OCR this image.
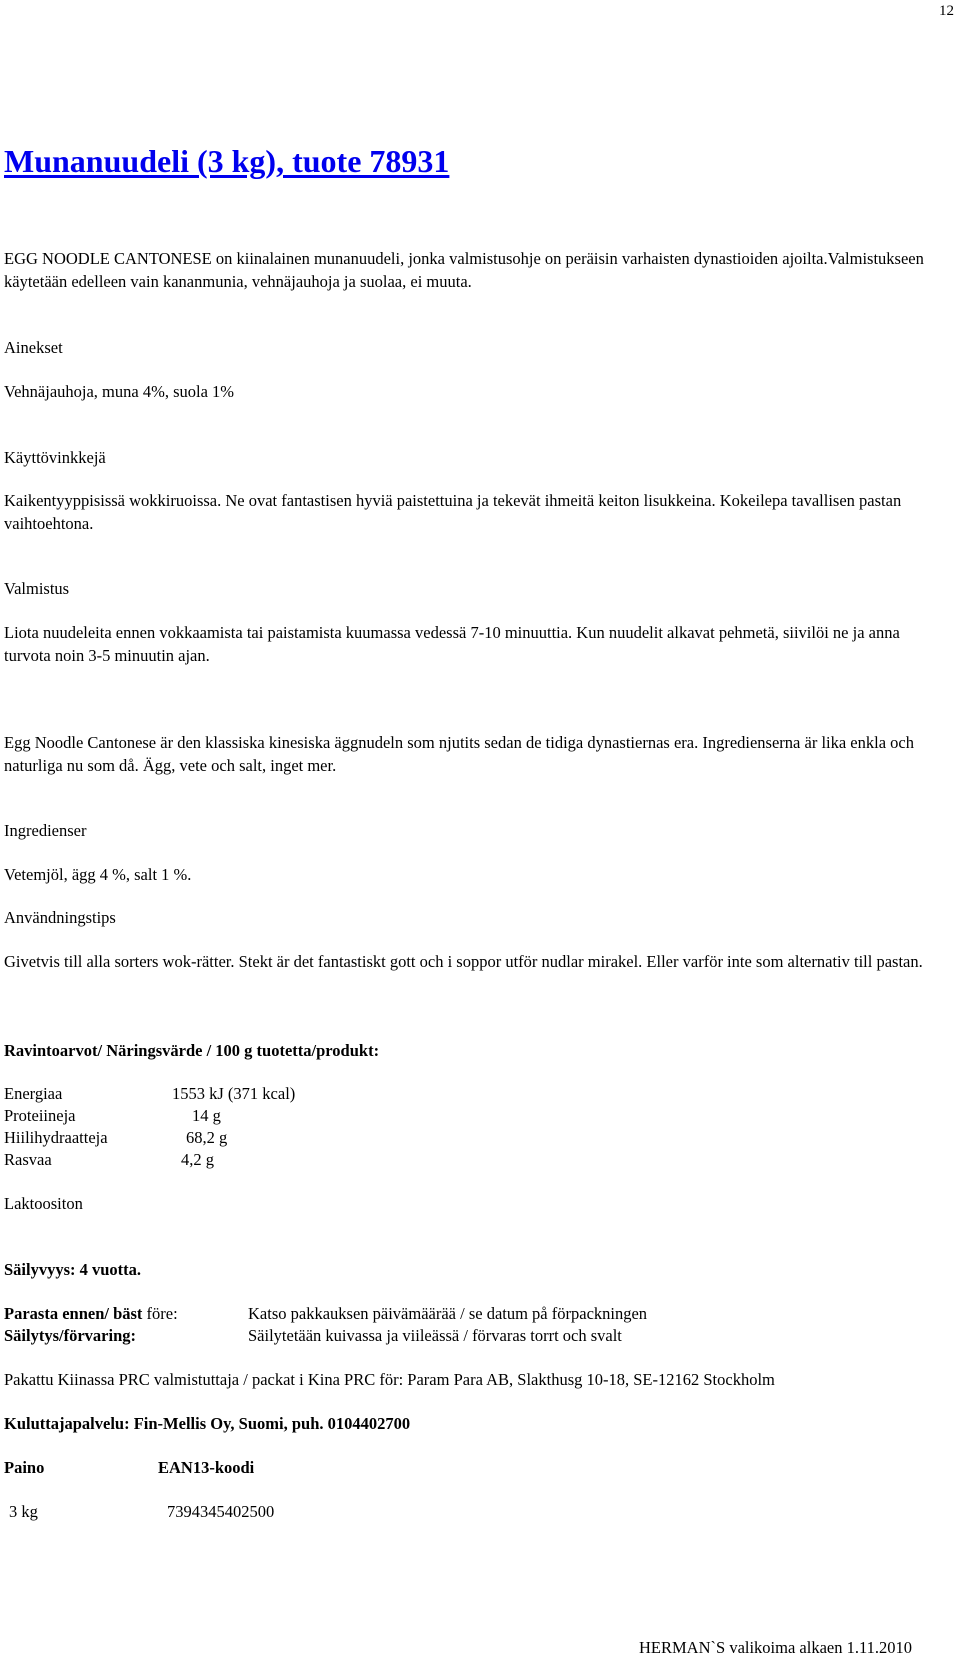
12
Munanuudeli (3 kg), tuote 78931
EGG NOODLE CANTONESE on kiinalainen munanuudeli, jonka valmistusohje on peräisin varhaisten dynastioiden ajoilta.Valmistukseen käytetään edelleen vain kananmunia, vehnäjauhoja ja suolaa, ei muuta.
Ainekset
Vehnäjauhoja, muna 4%, suola 1%
Käyttövinkkejä
Kaikentyyppisissä wokkiruoissa. Ne ovat fantastisen hyviä paistettuina ja tekevät ihmeitä keiton lisukkeina. Kokeilepa tavallisen pastan vaihtoehtona.
Valmistus
Liota nuudeleita ennen vokkaamista tai paistamista kuumassa vedessä 7-10 minuuttia. Kun nuudelit alkavat pehmetä, siivilöi ne ja anna turvota noin 3-5 minuutin ajan.
Egg Noodle Cantonese är den klassiska kinesiska äggnudeln som njutits sedan de tidiga dynastiernas era. Ingredienserna är lika enkla och naturliga nu som då. Ägg, vete och salt, inget mer.
Ingredienser
Vetemjöl, ägg 4 %, salt 1 %.
Användningstips
Givetvis till alla sorters wok-rätter. Stekt är det fantastiskt gott och i soppor utför nudlar mirakel. Eller varför inte som alternativ till pastan.
Ravintoarvot/ Näringsvärde / 100 g tuotetta/produkt:
Energiaa	1553 kJ (371 kcal)
Proteiineja	14 g
Hiilihydraatteja	68,2 g
Rasvaa	4,2 g
Laktoositon
Säilyvyys: 4 vuotta.
Parasta ennen/ bäst före:	Katso pakkauksen päivämäärää / se datum på förpackningen
Säilytys/förvaring:	Säilytetään kuivassa ja viileässä / förvaras torrt och svalt
Pakattu Kiinassa PRC valmistuttaja / packat i Kina PRC för: Param Para AB, Slakthusg 10-18, SE-12162 Stockholm
Kuluttajapalvelu: Fin-Mellis Oy, Suomi, puh. 0104402700
Paino	EAN13-koodi
3 kg	7394345402500
HERMAN`S valikoima alkaen 1.11.2010
